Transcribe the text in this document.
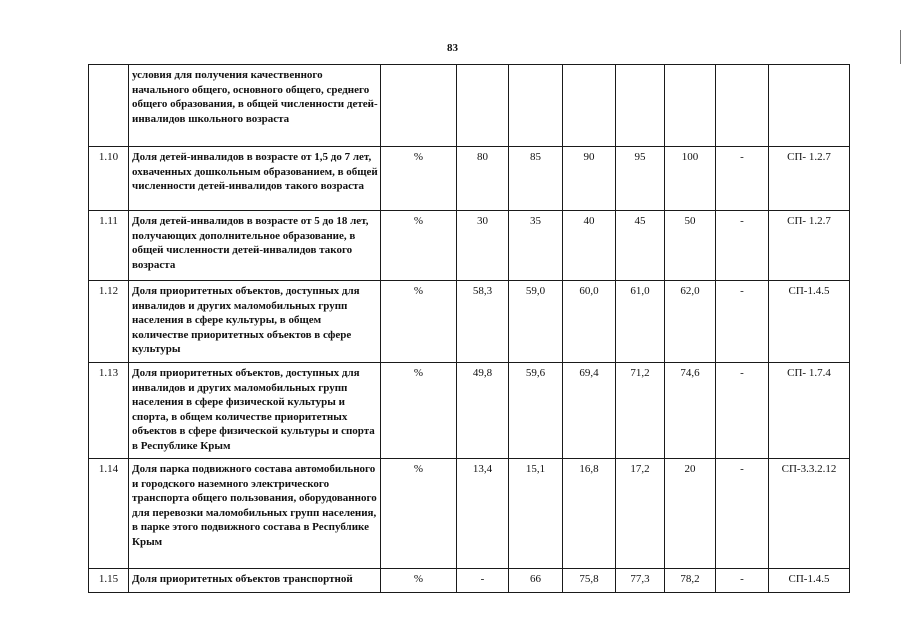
83
	условия для получения качественного начального общего, основного общего, среднего общего образования, в общей численности детей-инвалидов школьного возраста								
1.10	Доля детей-инвалидов в возрасте от 1,5 до 7 лет, охваченных дошкольным образованием, в общей численности детей-инвалидов такого возраста	%	80	85	90	95	100	-	СП- 1.2.7
1.11	Доля детей-инвалидов в возрасте от 5 до 18 лет, получающих дополнительное образование, в общей численности детей-инвалидов такого возраста	%	30	35	40	45	50	-	СП- 1.2.7
1.12	Доля приоритетных объектов, доступных для инвалидов и других маломобильных групп населения в сфере культуры, в общем количестве приоритетных объектов в сфере культуры	%	58,3	59,0	60,0	61,0	62,0	-	СП-1.4.5
1.13	Доля приоритетных объектов, доступных для инвалидов и других маломобильных групп населения в сфере физической культуры и спорта, в общем количестве приоритетных объектов в сфере физической культуры и спорта в Республике Крым	%	49,8	59,6	69,4	71,2	74,6	-	СП- 1.7.4
1.14	Доля парка подвижного состава автомобильного и городского наземного электрического транспорта общего пользования, оборудованного для перевозки маломобильных групп населения, в парке этого подвижного состава в Республике Крым	%	13,4	15,1	16,8	17,2	20	-	СП-3.3.2.12
1.15	Доля приоритетных объектов транспортной	%	-	66	75,8	77,3	78,2	-	СП-1.4.5
